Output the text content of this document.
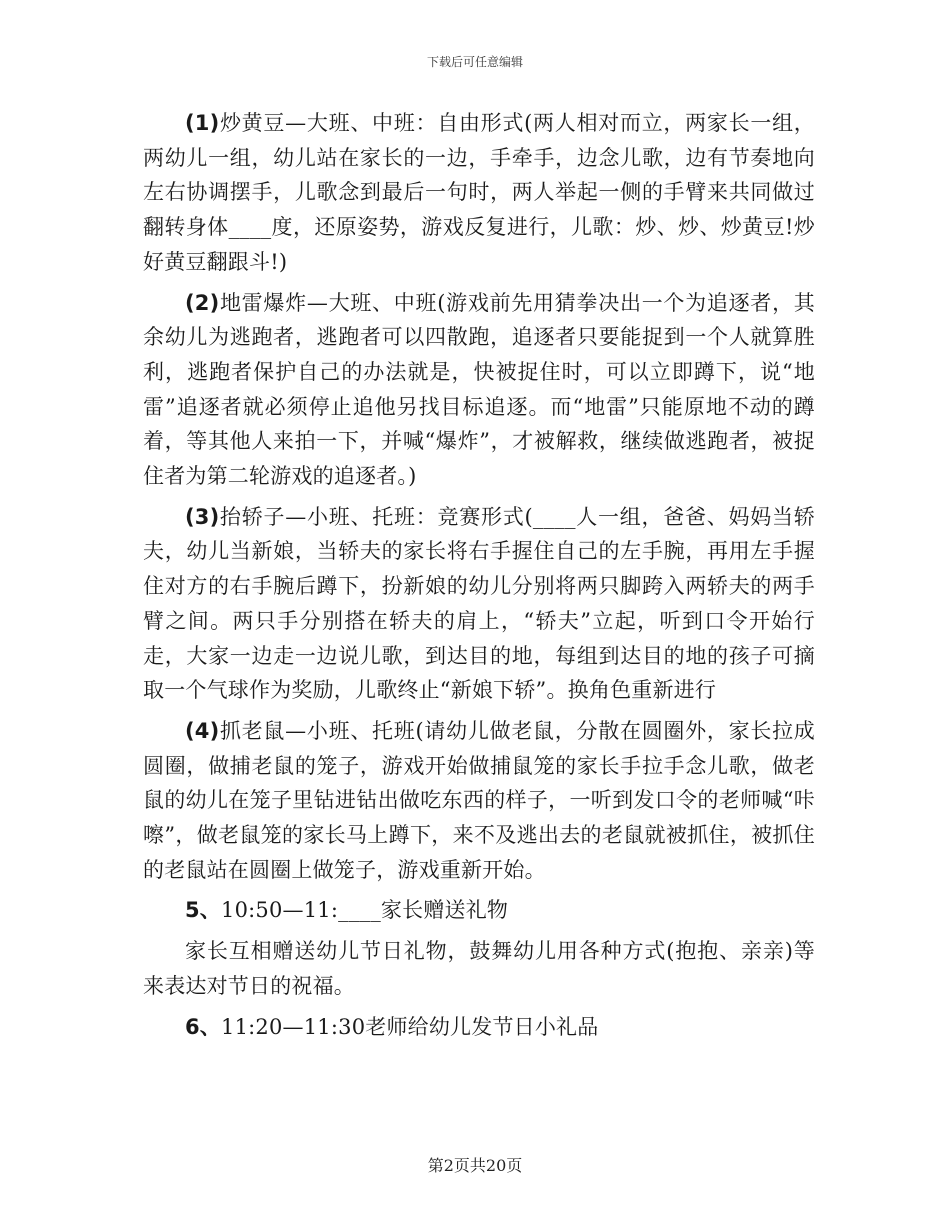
下载后可任意编辑

(1)炒黄豆—大班、中班：自由形式(两人相对而立，两家长一组，两幼儿一组，幼儿站在家长的一边，手牵手，边念儿歌，边有节奏地向左右协调摆手，儿歌念到最后一句时，两人举起一侧的手臂来共同做过翻转身体____度，还原姿势，游戏反复进行，儿歌：炒、炒、炒黄豆!炒好黄豆翻跟斗!)

(2)地雷爆炸—大班、中班(游戏前先用猜拳决出一个为追逐者，其余幼儿为逃跑者，逃跑者可以四散跑，追逐者只要能捉到一个人就算胜利，逃跑者保护自己的办法就是，快被捉住时，可以立即蹲下，说“地雷”追逐者就必须停止追他另找目标追逐。而“地雷”只能原地不动的蹲着，等其他人来拍一下，并喊“爆炸”，才被解救，继续做逃跑者，被捉住者为第二轮游戏的追逐者。)

(3)抬轿子—小班、托班：竞赛形式(____人一组，爸爸、妈妈当轿夫，幼儿当新娘，当轿夫的家长将右手握住自己的左手腕，再用左手握住对方的右手腕后蹲下，扮新娘的幼儿分别将两只脚跨入两轿夫的两手臂之间。两只手分别搭在轿夫的肩上，“轿夫”立起，听到口令开始行走，大家一边走一边说儿歌，到达目的地，每组到达目的地的孩子可摘取一个气球作为奖励，儿歌终止“新娘下轿”。换角色重新进行

(4)抓老鼠—小班、托班(请幼儿做老鼠，分散在圆圈外，家长拉成圆圈，做捕老鼠的笼子，游戏开始做捕鼠笼的家长手拉手念儿歌，做老鼠的幼儿在笼子里钻进钻出做吃东西的样子，一听到发口令的老师喊“咔嚓”，做老鼠笼的家长马上蹲下，来不及逃出去的老鼠就被抓住，被抓住的老鼠站在圆圈上做笼子，游戏重新开始。

5、10:50—11:____家长赠送礼物

家长互相赠送幼儿节日礼物，鼓舞幼儿用各种方式(抱抱、亲亲)等来表达对节日的祝福。

6、11:20—11:30老师给幼儿发节日小礼品

第2页共20页
